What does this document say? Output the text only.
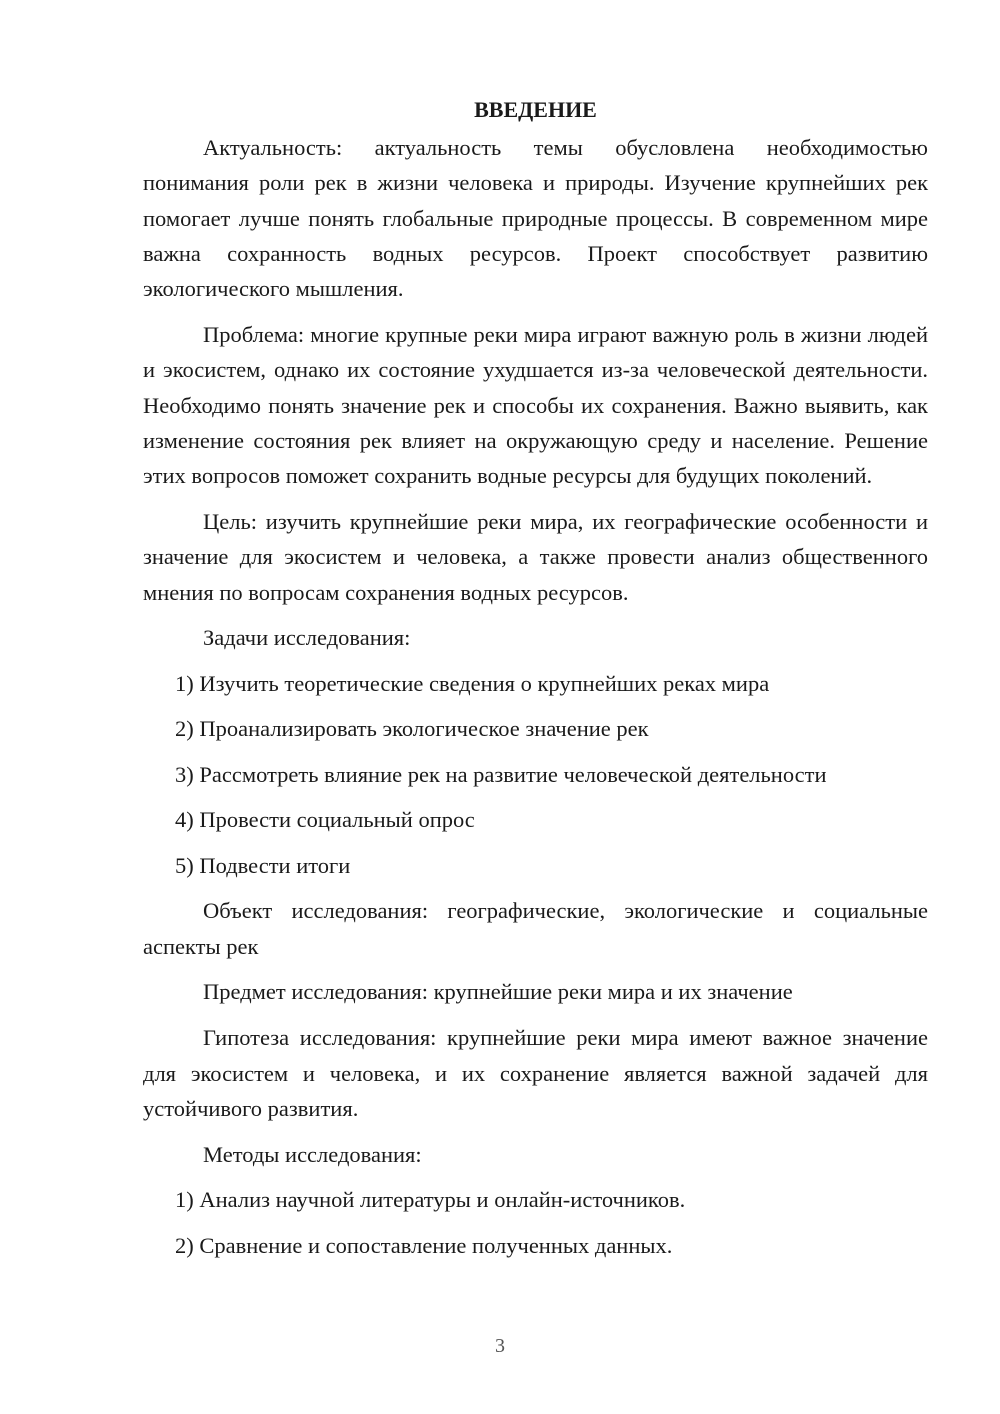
ВВЕДЕНИЕ

Актуальность: актуальность темы обусловлена необходимостью понимания роли рек в жизни человека и природы. Изучение крупнейших рек помогает лучше понять глобальные природные процессы. В современном мире важна сохранность водных ресурсов. Проект способствует развитию экологического мышления.

Проблема: многие крупные реки мира играют важную роль в жизни людей и экосистем, однако их состояние ухудшается из-за человеческой деятельности. Необходимо понять значение рек и способы их сохранения. Важно выявить, как изменение состояния рек влияет на окружающую среду и население. Решение этих вопросов поможет сохранить водные ресурсы для будущих поколений.

Цель: изучить крупнейшие реки мира, их географические особенности и значение для экосистем и человека, а также провести анализ общественного мнения по вопросам сохранения водных ресурсов.

Задачи исследования:

1) Изучить теоретические сведения о крупнейших реках мира
2) Проанализировать экологическое значение рек
3) Рассмотреть влияние рек на развитие человеческой деятельности
4) Провести социальный опрос
5) Подвести итоги

Объект исследования: географические, экологические и социальные аспекты рек

Предмет исследования: крупнейшие реки мира и их значение

Гипотеза исследования: крупнейшие реки мира имеют важное значение для экосистем и человека, и их сохранение является важной задачей для устойчивого развития.

Методы исследования:

1) Анализ научной литературы и онлайн-источников.
2) Сравнение и сопоставление полученных данных.
3
